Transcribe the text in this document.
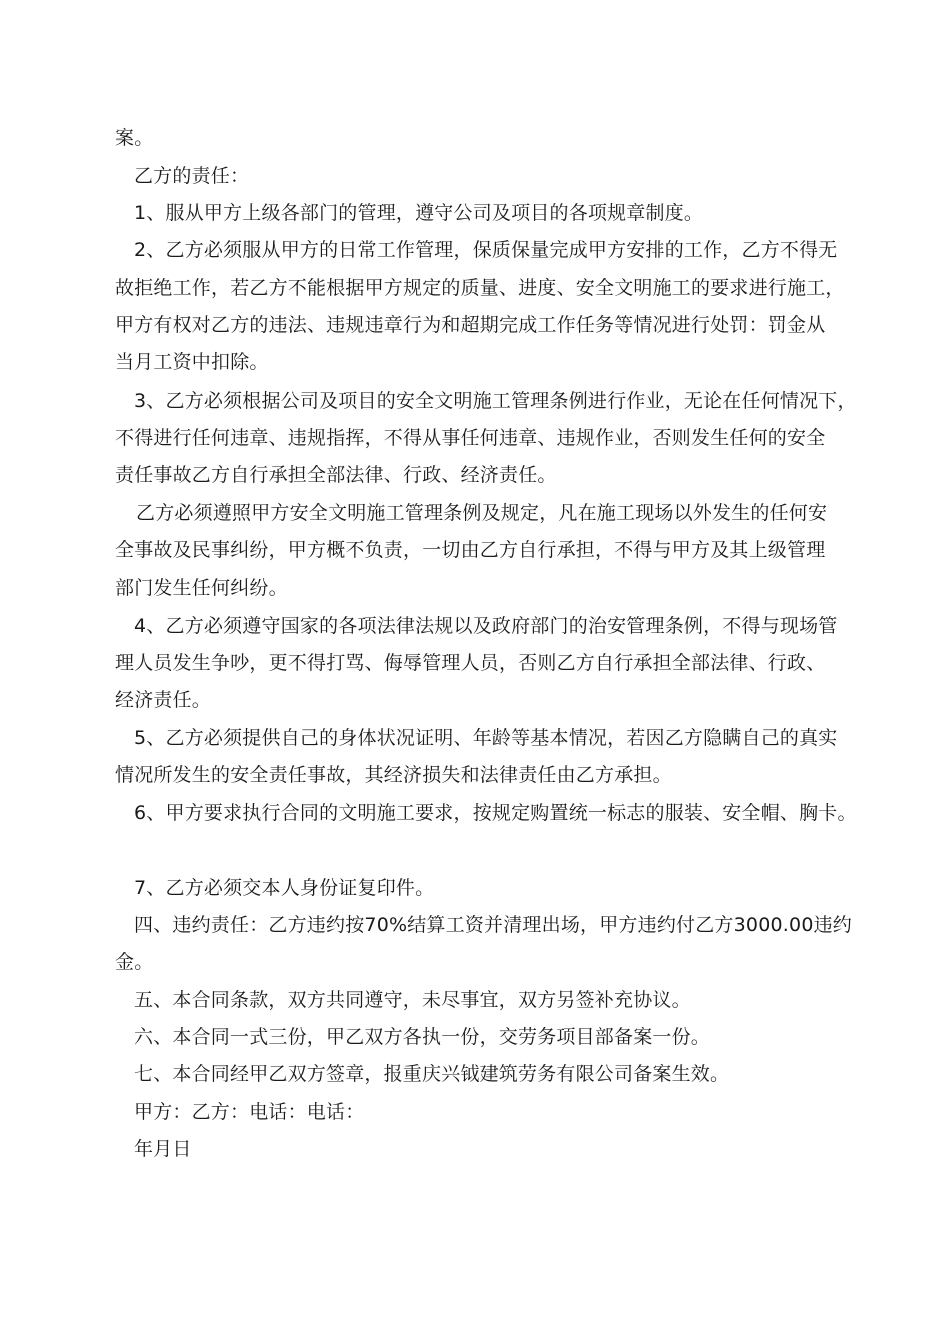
案。
乙方的责任：
1、服从甲方上级各部门的管理，遵守公司及项目的各项规章制度。
2、乙方必须服从甲方的日常工作管理，保质保量完成甲方安排的工作，乙方不得无
故拒绝工作，若乙方不能根据甲方规定的质量、进度、安全文明施工的要求进行施工，
甲方有权对乙方的违法、违规违章行为和超期完成工作任务等情况进行处罚：罚金从
当月工资中扣除。
3、乙方必须根据公司及项目的安全文明施工管理条例进行作业，无论在任何情况下，
不得进行任何违章、违规指挥，不得从事任何违章、违规作业，否则发生任何的安全
责任事故乙方自行承担全部法律、行政、经济责任。
乙方必须遵照甲方安全文明施工管理条例及规定，凡在施工现场以外发生的任何安
全事故及民事纠纷，甲方概不负责，一切由乙方自行承担，不得与甲方及其上级管理
部门发生任何纠纷。
4、乙方必须遵守国家的各项法律法规以及政府部门的治安管理条例，不得与现场管
理人员发生争吵，更不得打骂、侮辱管理人员，否则乙方自行承担全部法律、行政、
经济责任。
5、乙方必须提供自己的身体状况证明、年龄等基本情况，若因乙方隐瞒自己的真实
情况所发生的安全责任事故，其经济损失和法律责任由乙方承担。
6、甲方要求执行合同的文明施工要求，按规定购置统一标志的服装、安全帽、胸卡。
7、乙方必须交本人身份证复印件。
四、违约责任：乙方违约按70%结算工资并清理出场，甲方违约付乙方3000.00违约
金。
五、本合同条款，双方共同遵守，未尽事宜，双方另签补充协议。
六、本合同一式三份，甲乙双方各执一份，交劳务项目部备案一份。
七、本合同经甲乙双方签章，报重庆兴钺建筑劳务有限公司备案生效。
甲方：乙方：电话：电话：
年月日
